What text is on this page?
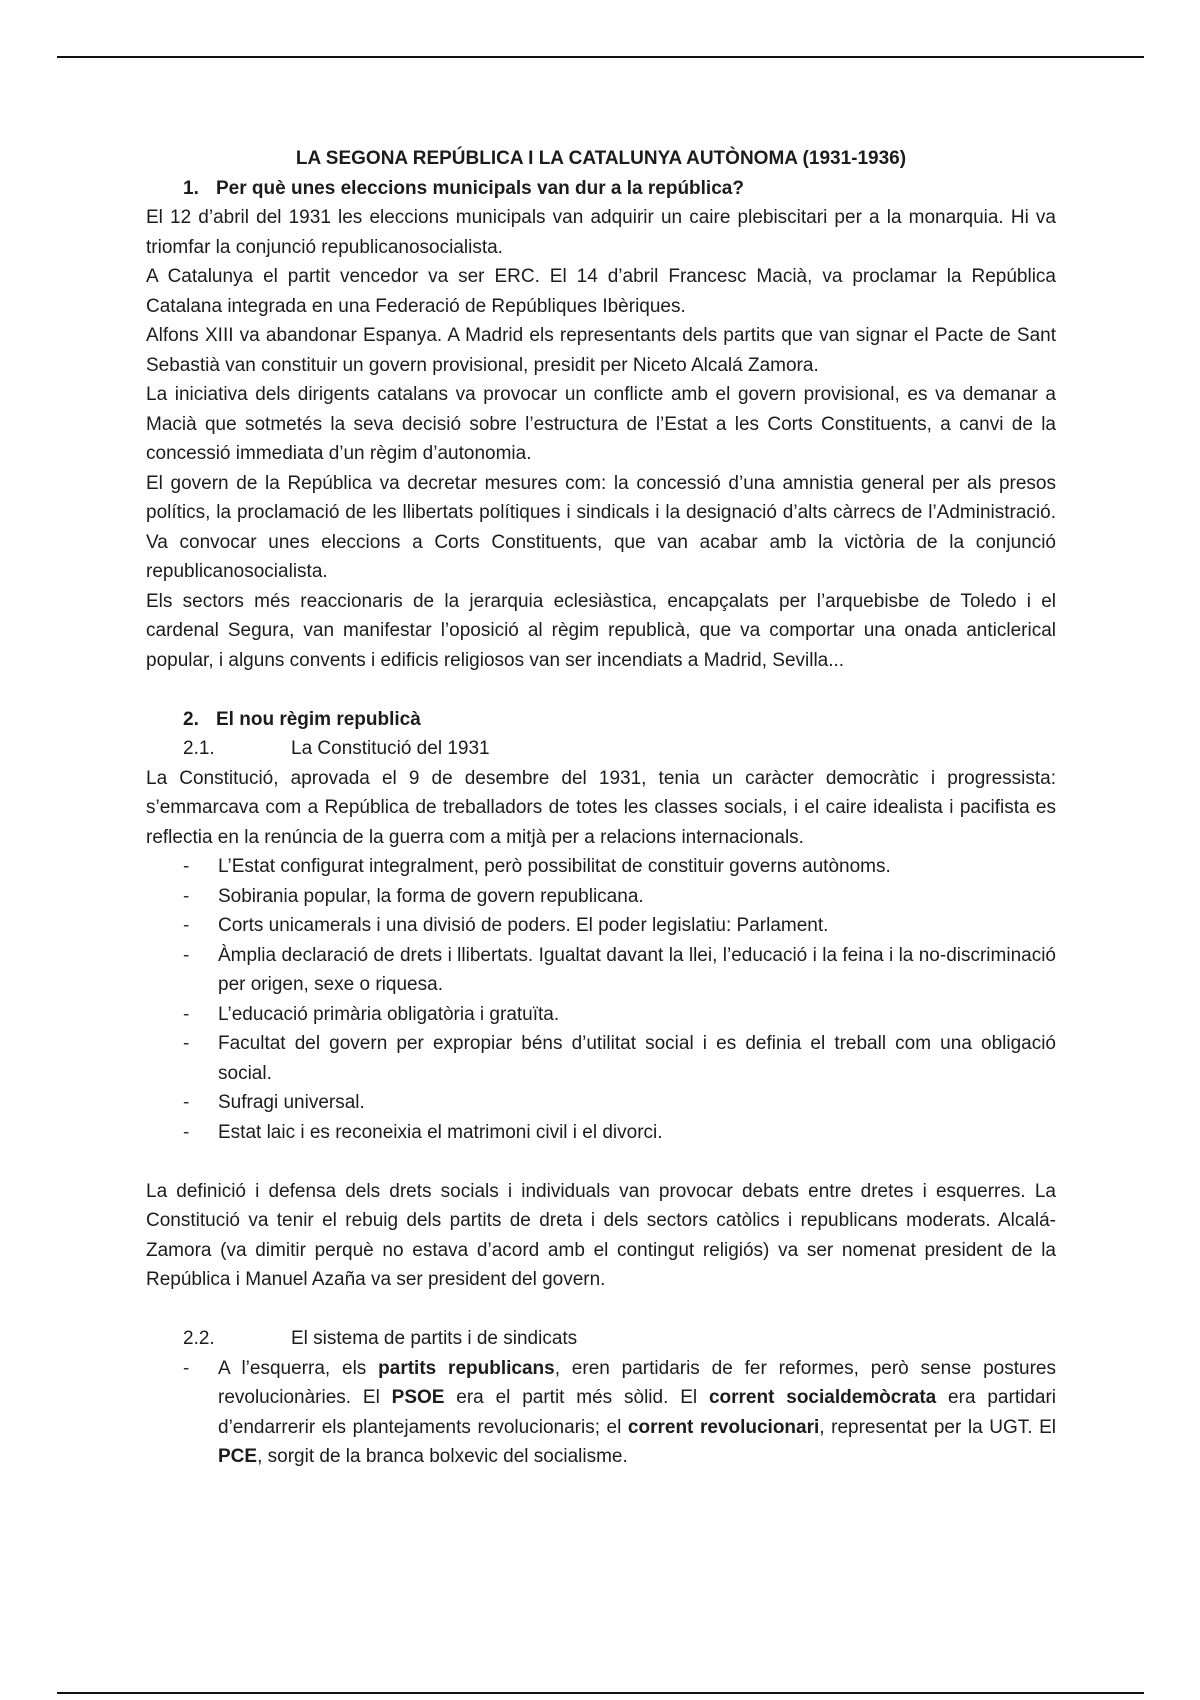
LA SEGONA REPÚBLICA I LA CATALUNYA AUTÒNOMA (1931-1936)
1. Per què unes eleccions municipals van dur a la república?

El 12 d’abril del 1931 les eleccions municipals van adquirir un caire plebiscitari per a la monarquia. Hi va triomfar la conjunció republicanosocialista.

A Catalunya el partit vencedor va ser ERC. El 14 d’abril Francesc Macià, va proclamar la República Catalana integrada en una Federació de Repúbliques Ibèriques.

Alfons XIII va abandonar Espanya. A Madrid els representants dels partits que van signar el Pacte de Sant Sebastià van constituir un govern provisional, presidit per Niceto Alcalá Zamora.

La iniciativa dels dirigents catalans va provocar un conflicte amb el govern provisional, es va demanar a Macià que sotmetés la seva decisió sobre l’estructura de l’Estat a les Corts Constituents, a canvi de la concessió immediata d’un règim d’autonomia.

El govern de la República va decretar mesures com: la concessió d’una amnistia general per als presos polítics, la proclamació de les llibertats polítiques i sindicals i la designació d’alts càrrecs de l’Administració. Va convocar unes eleccions a Corts Constituents, que van acabar amb la victòria de la conjunció republicanosocialista.

Els sectors més reaccionaris de la jerarquia eclesiàstica, encapçalats per l’arquebisbe de Toledo i el cardenal Segura, van manifestar l’oposició al règim republicà, que va comportar una onada anticlerical popular, i alguns convents i edificis religiosos van ser incendiats a Madrid, Sevilla...

2. El nou règim republicà
2.1.	La Constitució del 1931

La Constitució, aprovada el 9 de desembre del 1931, tenia un caràcter democràtic i progressista: s’emmarcava com a República de treballadors de totes les classes socials, i el caire idealista i pacifista es reflectia en la renúncia de la guerra com a mitjà per a relacions internacionals.

- L’Estat configurat integralment, però possibilitat de constituir governs autònoms.
- Sobirania popular, la forma de govern republicana.
- Corts unicamerals i una divisió de poders. El poder legislatiu: Parlament.
- Àmplia declaració de drets i llibertats. Igualtat davant la llei, l’educació i la feina i la no-discriminació per origen, sexe o riquesa.
- L’educació primària obligatòria i gratuïta.
- Facultat del govern per expropiar béns d’utilitat social i es definia el treball com una obligació social.
- Sufragi universal.
- Estat laic i es reconeixia el matrimoni civil i el divorci.

La definició i defensa dels drets socials i individuals van provocar debats entre dretes i esquerres. La Constitució va tenir el rebuig dels partits de dreta i dels sectors catòlics i republicans moderats. Alcalá-Zamora (va dimitir perquè no estava d’acord amb el contingut religiós) va ser nomenat president de la República i Manuel Azaña va ser president del govern.

2.2.	El sistema de partits i de sindicats
- A l’esquerra, els partits republicans, eren partidaris de fer reformes, però sense postures revolucionàries. El PSOE era el partit més sòlid. El corrent socialdemòcrata era partidari d’endarrerir els plantejaments revolucionaris; el corrent revolucionari, representat per la UGT. El PCE, sorgit de la branca bolxevic del socialisme.
